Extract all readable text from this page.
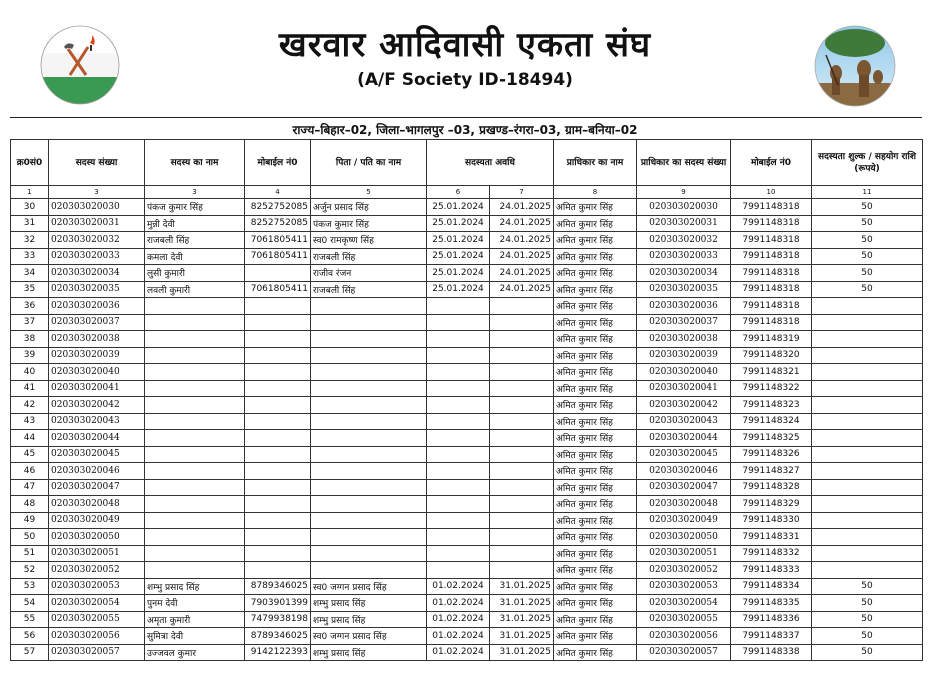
खरवार आदिवासी एकता संघ
(A/F Society ID-18494)
राज्य–बिहार–02, जिला–भागलपुर –03, प्रखण्ड–रंगरा–03, ग्राम–बनिया–02
क्र0सं0	सदस्य संख्या	सदस्य का नाम	मोबाईल नं0	पिता / पति का नाम	सदस्यता अवधि		प्राधिकार का नाम	प्राधिकार का सदस्य संख्या	मोबाईल नं0	सदस्यता शुल्क / सहयोग राशि (रूपये)
1	3	3	4	5	6	7	8	9	10	11
30	020303020030	पंकज कुमार सिंह	8252752085	अर्जुन प्रसाद सिंह	25.01.2024	24.01.2025	अमित कुमार सिंह	020303020030	7991148318	50
31	020303020031	मुन्नी देवी	8252752085	पंकज कुमार सिंह	25.01.2024	24.01.2025	अमित कुमार सिंह	020303020031	7991148318	50
32	020303020032	राजबली सिंह	7061805411	स्व0 रामकृष्ण सिंह	25.01.2024	24.01.2025	अमित कुमार सिंह	020303020032	7991148318	50
33	020303020033	कमला देवी	7061805411	राजबली सिंह	25.01.2024	24.01.2025	अमित कुमार सिंह	020303020033	7991148318	50
34	020303020034	लुसी कुमारी		राजीव रंजन	25.01.2024	24.01.2025	अमित कुमार सिंह	020303020034	7991148318	50
35	020303020035	लवली कुमारी	7061805411	राजबली सिंह	25.01.2024	24.01.2025	अमित कुमार सिंह	020303020035	7991148318	50
36	020303020036						अमित कुमार सिंह	020303020036	7991148318	
37	020303020037						अमित कुमार सिंह	020303020037	7991148318	
38	020303020038						अमित कुमार सिंह	020303020038	7991148319	
39	020303020039						अमित कुमार सिंह	020303020039	7991148320	
40	020303020040						अमित कुमार सिंह	020303020040	7991148321	
41	020303020041						अमित कुमार सिंह	020303020041	7991148322	
42	020303020042						अमित कुमार सिंह	020303020042	7991148323	
43	020303020043						अमित कुमार सिंह	020303020043	7991148324	
44	020303020044						अमित कुमार सिंह	020303020044	7991148325	
45	020303020045						अमित कुमार सिंह	020303020045	7991148326	
46	020303020046						अमित कुमार सिंह	020303020046	7991148327	
47	020303020047						अमित कुमार सिंह	020303020047	7991148328	
48	020303020048						अमित कुमार सिंह	020303020048	7991148329	
49	020303020049						अमित कुमार सिंह	020303020049	7991148330	
50	020303020050						अमित कुमार सिंह	020303020050	7991148331	
51	020303020051						अमित कुमार सिंह	020303020051	7991148332	
52	020303020052						अमित कुमार सिंह	020303020052	7991148333	
53	020303020053	शम्भु प्रसाद सिंह	8789346025	स्व0 जग्गन प्रसाद सिंह	01.02.2024	31.01.2025	अमित कुमार सिंह	020303020053	7991148334	50
54	020303020054	पुनम देवी	7903901399	शम्भु प्रसाद सिंह	01.02.2024	31.01.2025	अमित कुमार सिंह	020303020054	7991148335	50
55	020303020055	अमृता कुमारी	7479938198	शम्भु प्रसाद सिंह	01.02.2024	31.01.2025	अमित कुमार सिंह	020303020055	7991148336	50
56	020303020056	सुमित्रा देवी	8789346025	स्व0 जग्गन प्रसाद सिंह	01.02.2024	31.01.2025	अमित कुमार सिंह	020303020056	7991148337	50
57	020303020057	उज्जवल कुमार	9142122393	शम्भु प्रसाद सिंह	01.02.2024	31.01.2025	अमित कुमार सिंह	020303020057	7991148338	50
